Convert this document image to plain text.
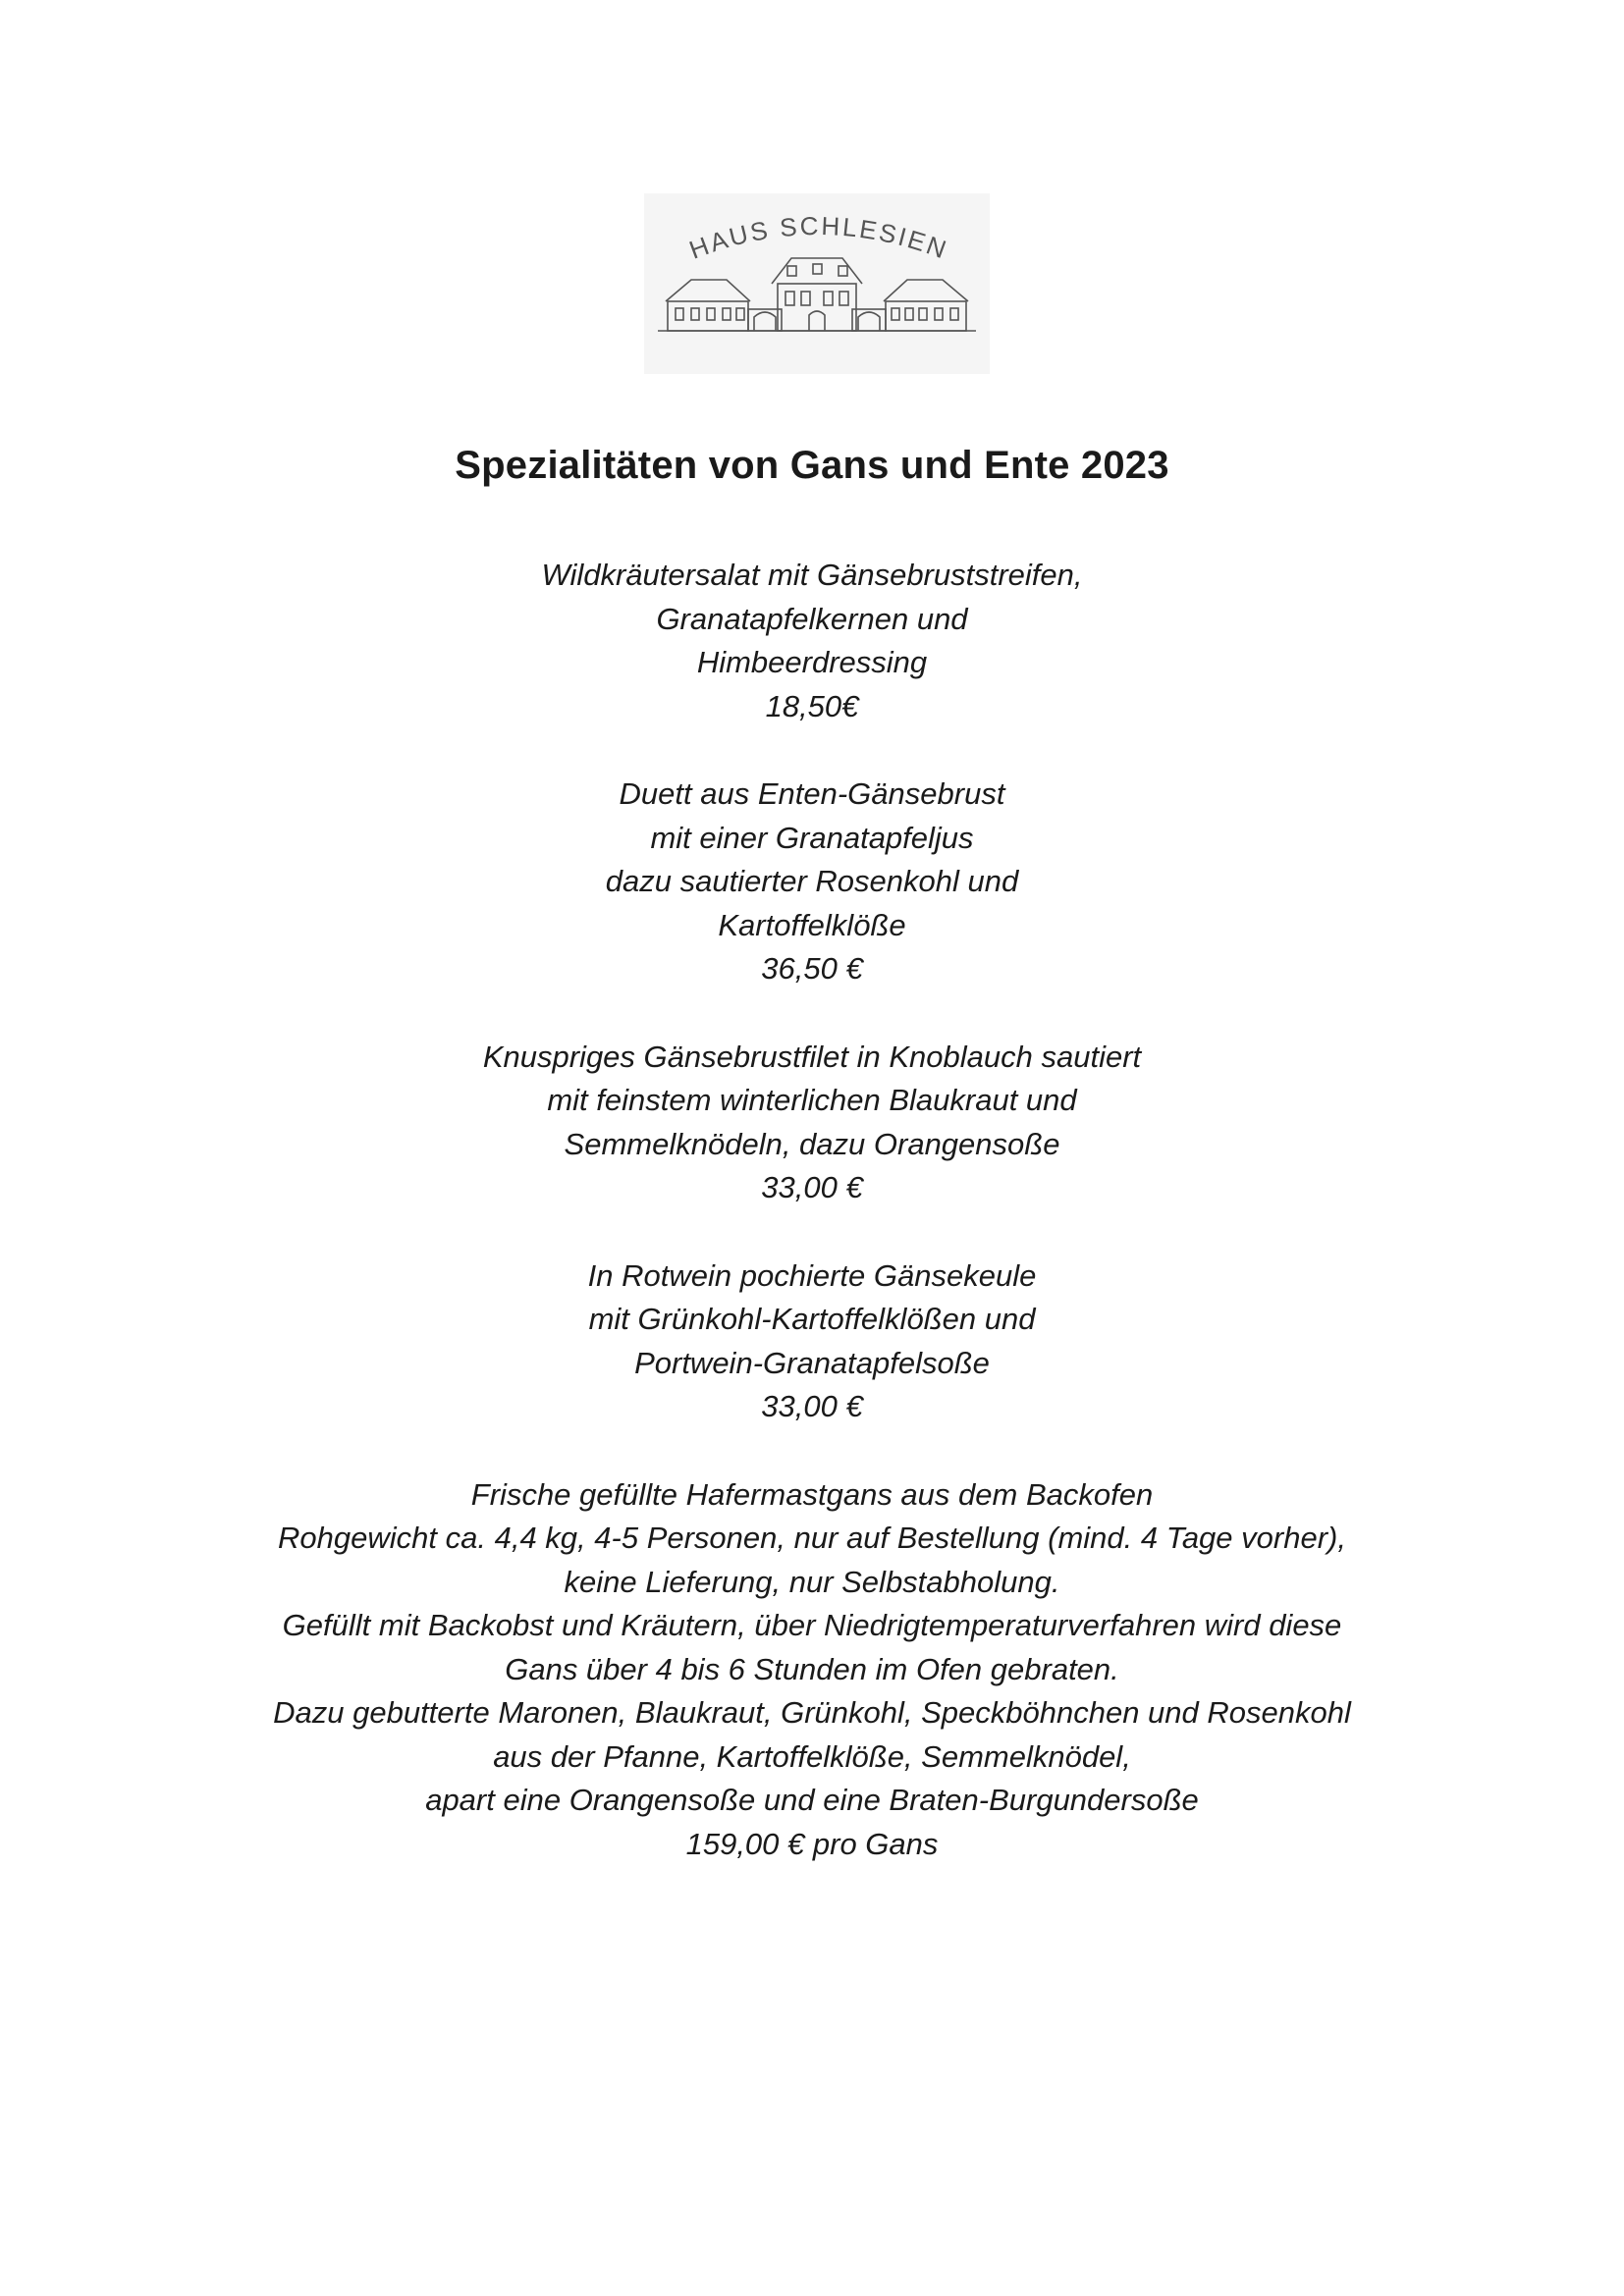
HAUS SCHLESIEN
Spezialitäten von Gans und Ente 2023
Wildkräutersalat mit Gänsebruststreifen,
Granatapfelkernen und
Himbeerdressing
18,50€
Duett aus Enten-Gänsebrust
mit einer Granatapfeljus
dazu sautierter Rosenkohl und
Kartoffelklöße
36,50 €
Knuspriges Gänsebrustfilet in Knoblauch sautiert
mit feinstem winterlichen Blaukraut und
Semmelknödeln, dazu Orangensoße
33,00 €
In Rotwein pochierte Gänsekeule
mit Grünkohl-Kartoffelklößen und
Portwein-Granatapfelsoße
33,00 €
Frische gefüllte Hafermastgans aus dem Backofen
Rohgewicht ca. 4,4 kg, 4-5 Personen, nur auf Bestellung (mind. 4 Tage vorher),
keine Lieferung, nur Selbstabholung.
Gefüllt mit Backobst und Kräutern, über Niedrigtemperaturverfahren wird diese
Gans über 4 bis 6 Stunden im Ofen gebraten.
Dazu gebutterte Maronen, Blaukraut, Grünkohl, Speckböhnchen und Rosenkohl
aus der Pfanne, Kartoffelklöße, Semmelknödel,
apart eine Orangensoße und eine Braten-Burgundersoße
159,00 € pro Gans
